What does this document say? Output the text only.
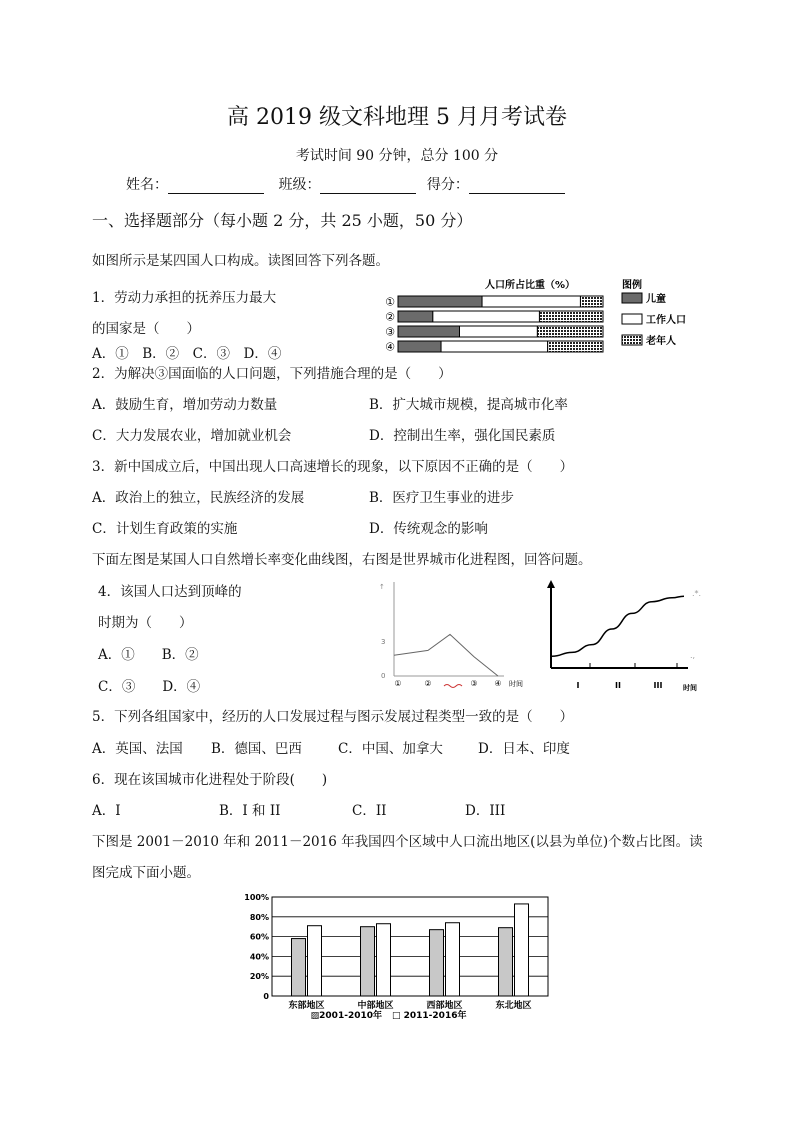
高 2019 级文科地理 5 月月考试卷
考试时间 90 分钟，总分 100 分
姓名：	班级：	得分：
一、选择题部分（每小题 2 分，共 25 小题，50 分）
如图所示是某四国人口构成。读图回答下列各题。
1．劳动力承担的抚养压力最大
的国家是（　　）
A．①　B．②　C．③　D．④
2．为解决③国面临的人口问题，下列措施合理的是（　　）
A．鼓励生育，增加劳动力数量	B．扩大城市规模，提高城市化率
C．大力发展农业，增加就业机会	D．控制出生率，强化国民素质
3．新中国成立后，中国出现人口高速增长的现象，以下原因不正确的是（　　）
A．政治上的独立，民族经济的发展	B．医疗卫生事业的进步
C．计划生育政策的实施	D．传统观念的影响
下面左图是某国人口自然增长率变化曲线图，右图是世界城市化进程图，回答问题。
4．该国人口达到顶峰的
时期为（　　）
A．①　　B．②
C．③　　D．④
5．下列各组国家中，经历的人口发展过程与图示发展过程类型一致的是（　　）
A．英国、法国 B．德国、巴西	C．中国、加拿大	D．日本、印度
6．现在该国城市化进程处于阶段(　　)
A．I	B．I 和 II	C．II	D．III
下图是 2001－2010 年和 2011－2016 年我国四个区域中人口流出地区(以县为单位)个数占比图。读
图完成下面小题。
人口所占比重（%）
①
②
③
④
图例
儿童
工作人口
老年人
↑
3
0
①	②	③ ④ 时间	I	II	III	时间
.*.
.,
0
20%
40%
60%
80%
100%
东部地区	中部地区	西部地区	东北地区
▨2001-2010年 □ 2011-2016年
